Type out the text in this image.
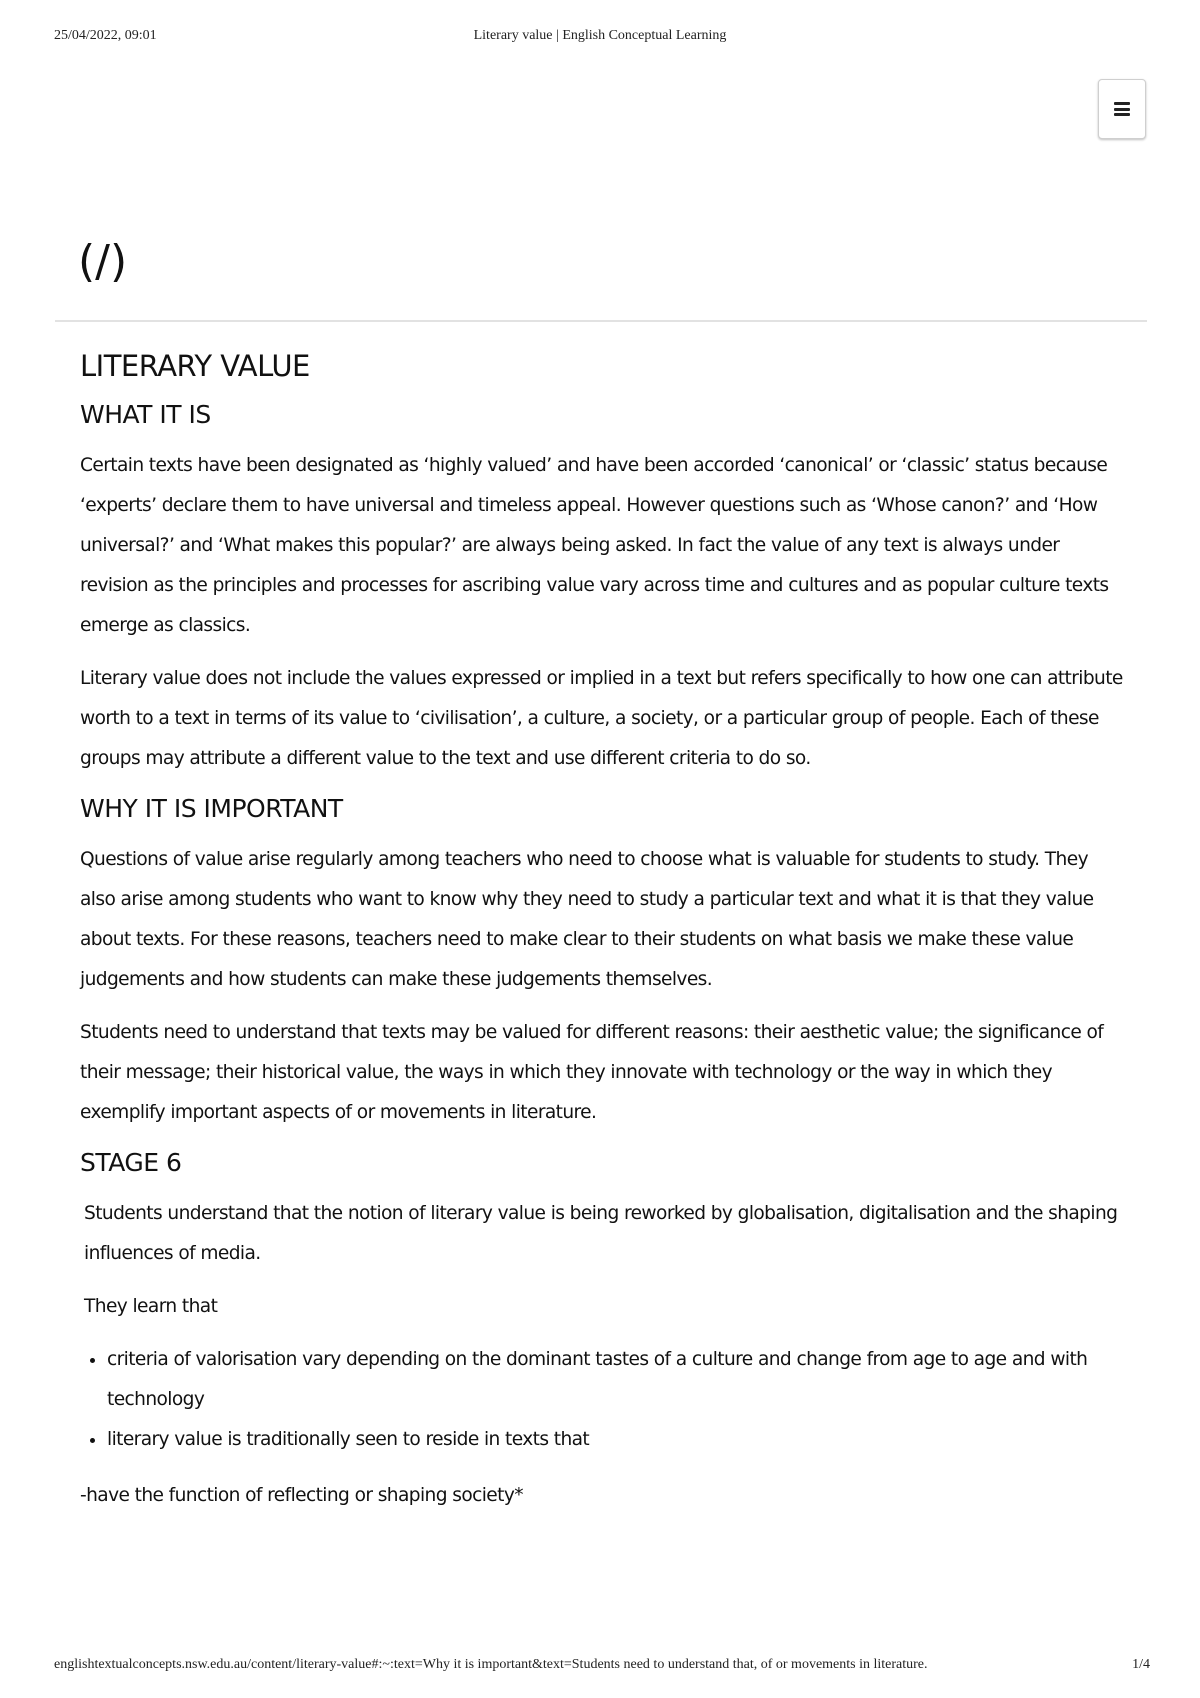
25/04/2022, 09:01	Literary value | English Conceptual Learning
(/)
LITERARY VALUE
WHAT IT IS

Certain texts have been designated as ‘highly valued’ and have been accorded ‘canonical’ or ‘classic’ status because ‘experts’ declare them to have universal and timeless appeal. However questions such as ‘Whose canon?’ and ‘How universal?’ and ‘What makes this popular?’ are always being asked. In fact the value of any text is always under revision as the principles and processes for ascribing value vary across time and cultures and as popular culture texts emerge as classics.

Literary value does not include the values expressed or implied in a text but refers specifically to how one can attribute worth to a text in terms of its value to ‘civilisation’, a culture, a society, or a particular group of people. Each of these groups may attribute a different value to the text and use different criteria to do so.

WHY IT IS IMPORTANT

Questions of value arise regularly among teachers who need to choose what is valuable for students to study. They also arise among students who want to know why they need to study a particular text and what it is that they value about texts. For these reasons, teachers need to make clear to their students on what basis we make these value judgements and how students can make these judgements themselves.

Students need to understand that texts may be valued for different reasons: their aesthetic value; the significance of their message; their historical value, the ways in which they innovate with technology or the way in which they exemplify important aspects of or movements in literature.

STAGE 6

Students understand that the notion of literary value is being reworked by globalisation, digitalisation and the shaping influences of media.

They learn that

• criteria of valorisation vary depending on the dominant tastes of a culture and change from age to age and with technology
• literary value is traditionally seen to reside in texts that

-have the function of reflecting or shaping society*

englishtextualconcepts.nsw.edu.au/content/literary-value#:~:text=Why it is important&text=Students need to understand that, of or movements in literature.	1/4
